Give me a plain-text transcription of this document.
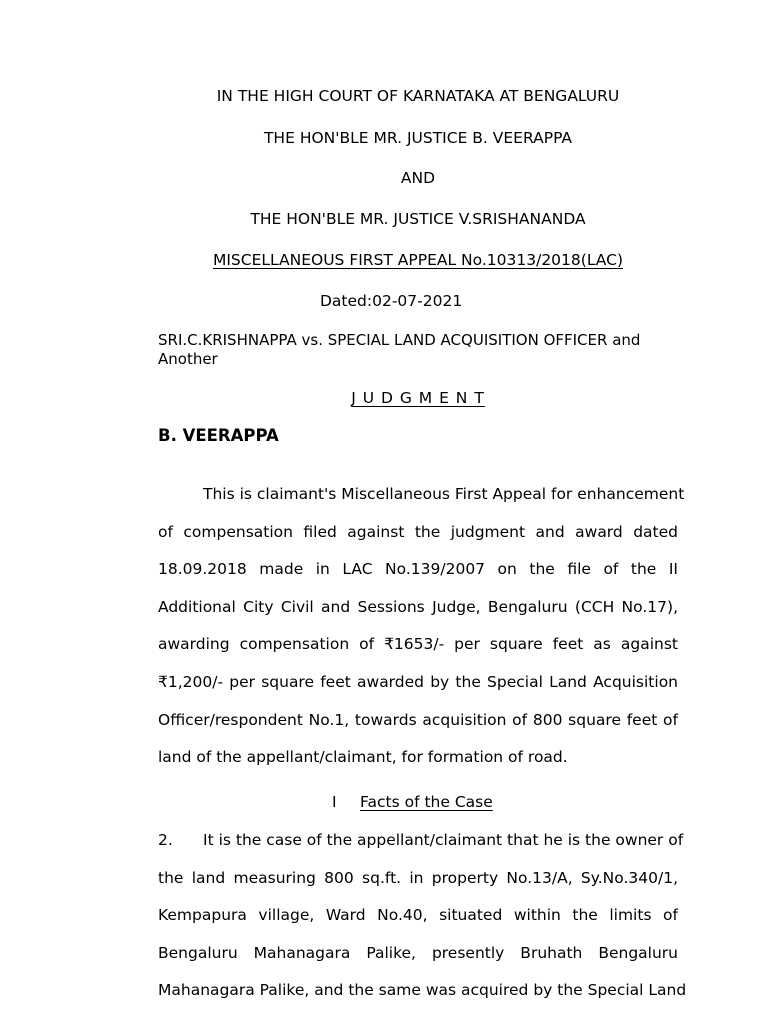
IN THE HIGH COURT OF KARNATAKA AT BENGALURU
THE HON'BLE MR. JUSTICE B. VEERAPPA
AND
THE HON'BLE MR. JUSTICE V.SRISHANANDA
MISCELLANEOUS FIRST APPEAL No.10313/2018(LAC)
Dated:02-07-2021
SRI.C.KRISHNAPPA vs. SPECIAL LAND ACQUISITION OFFICER and Another
J U D G M E N T
B. VEERAPPA
This is claimant's Miscellaneous First Appeal for enhancement
of compensation filed against the judgment and award dated
18.09.2018 made in LAC No.139/2007 on the file of the II
Additional City Civil and Sessions Judge, Bengaluru (CCH No.17),
awarding compensation of ₹1653/- per square feet as against
₹1,200/- per square feet awarded by the Special Land Acquisition
Officer/respondent No.1, towards acquisition of 800 square feet of
land of the appellant/claimant, for formation of road.
I Facts of the Case
2.	It is the case of the appellant/claimant that he is the owner of
the land measuring 800 sq.ft. in property No.13/A, Sy.No.340/1,
Kempapura village, Ward No.40, situated within the limits of
Bengaluru Mahanagara Palike, presently Bruhath Bengaluru
Mahanagara Palike, and the same was acquired by the Special Land
